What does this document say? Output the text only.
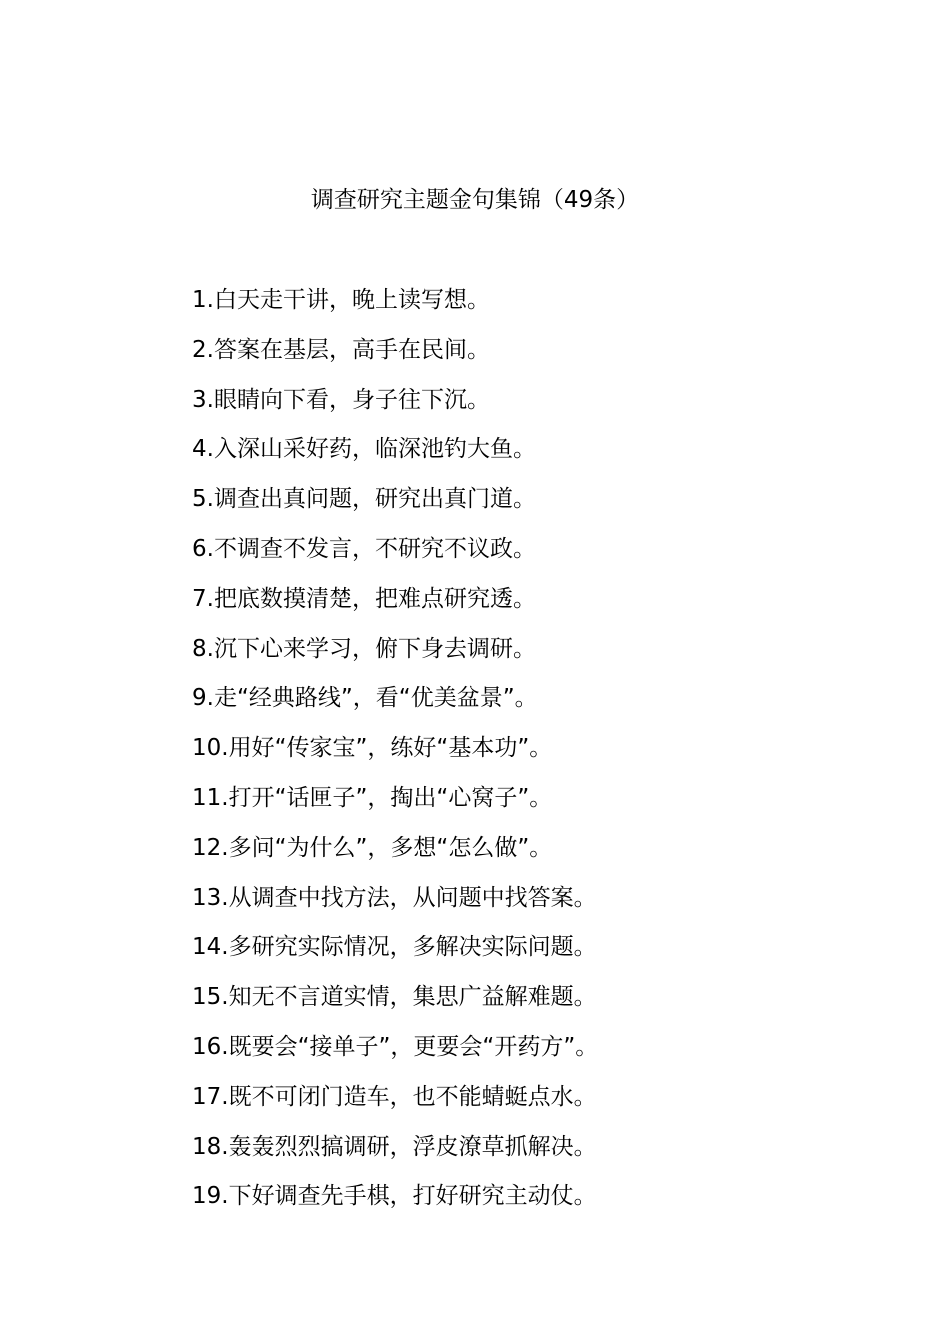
调查研究主题金句集锦（49条）
1.白天走干讲，晚上读写想。
2.答案在基层，高手在民间。
3.眼睛向下看，身子往下沉。
4.入深山采好药，临深池钓大鱼。
5.调查出真问题，研究出真门道。
6.不调查不发言，不研究不议政。
7.把底数摸清楚，把难点研究透。
8.沉下心来学习，俯下身去调研。
9.走“经典路线”，看“优美盆景”。
10.用好“传家宝”，练好“基本功”。
11.打开“话匣子”，掏出“心窝子”。
12.多问“为什么”，多想“怎么做”。
13.从调查中找方法，从问题中找答案。
14.多研究实际情况，多解决实际问题。
15.知无不言道实情，集思广益解难题。
16.既要会“接单子”，更要会“开药方”。
17.既不可闭门造车，也不能蜻蜓点水。
18.轰轰烈烈搞调研，浮皮潦草抓解决。
19.下好调查先手棋，打好研究主动仗。
